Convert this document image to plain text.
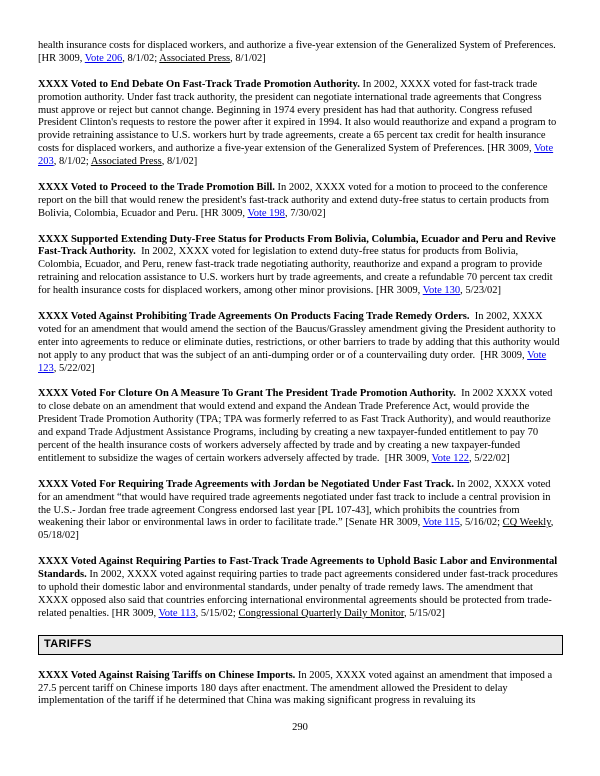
health insurance costs for displaced workers, and authorize a five-year extension of the Generalized System of Preferences. [HR 3009, Vote 206, 8/1/02; Associated Press, 8/1/02]

XXXX Voted to End Debate On Fast-Track Trade Promotion Authority. In 2002, XXXX voted for fast-track trade promotion authority. Under fast track authority, the president can negotiate international trade agreements that Congress must approve or reject but cannot change. Beginning in 1974 every president has had that authority. Congress refused President Clinton's requests to restore the power after it expired in 1994. It also would reauthorize and expand a program to provide retraining assistance to U.S. workers hurt by trade agreements, create a 65 percent tax credit for health insurance costs for displaced workers, and authorize a five-year extension of the Generalized System of Preferences. [HR 3009, Vote 203, 8/1/02; Associated Press, 8/1/02]

XXXX Voted to Proceed to the Trade Promotion Bill. In 2002, XXXX voted for a motion to proceed to the conference report on the bill that would renew the president's fast-track authority and extend duty-free status to certain products from Bolivia, Colombia, Ecuador and Peru. [HR 3009, Vote 198, 7/30/02]

XXXX Supported Extending Duty-Free Status for Products From Bolivia, Columbia, Ecuador and Peru and Revive Fast-Track Authority.  In 2002, XXXX voted for legislation to extend duty-free status for products from Bolivia, Colombia, Ecuador, and Peru, renew fast-track trade negotiating authority, reauthorize and expand a program to provide retraining and relocation assistance to U.S. workers hurt by trade agreements, and create a refundable 70 percent tax credit for health insurance costs for displaced workers, among other minor provisions. [HR 3009, Vote 130, 5/23/02]

XXXX Voted Against Prohibiting Trade Agreements On Products Facing Trade Remedy Orders.  In 2002, XXXX voted for an amendment that would amend the section of the Baucus/Grassley amendment giving the President authority to enter into agreements to reduce or eliminate duties, restrictions, or other barriers to trade by adding that this authority would not apply to any product that was the subject of an anti-dumping order or of a countervailing duty order.  [HR 3009, Vote 123, 5/22/02]

XXXX Voted For Cloture On A Measure To Grant The President Trade Promotion Authority.  In 2002 XXXX voted to close debate on an amendment that would extend and expand the Andean Trade Preference Act, would provide the President Trade Promotion Authority (TPA; TPA was formerly referred to as Fast Track Authority), and would reauthorize and expand Trade Adjustment Assistance Programs, including by creating a new taxpayer-funded entitlement to pay 70 percent of the health insurance costs of workers adversely affected by trade and by creating a new taxpayer-funded entitlement to subsidize the wages of certain workers adversely affected by trade.  [HR 3009, Vote 122, 5/22/02]

XXXX Voted For Requiring Trade Agreements with Jordan be Negotiated Under Fast Track. In 2002, XXXX voted for an amendment “that would have required trade agreements negotiated under fast track to include a central provision in the U.S.- Jordan free trade agreement Congress endorsed last year [PL 107-43], which prohibits the countries from weakening their labor or environmental laws in order to facilitate trade.” [Senate HR 3009, Vote 115, 5/16/02; CQ Weekly, 05/18/02]

XXXX Voted Against Requiring Parties to Fast-Track Trade Agreements to Uphold Basic Labor and Environmental Standards. In 2002, XXXX voted against requiring parties to trade pact agreements considered under fast-track procedures to uphold their domestic labor and environmental standards, under penalty of trade remedy laws. The amendment that XXXX opposed also said that countries enforcing international environmental agreements should be protected from trade-related penalties. [HR 3009, Vote 113, 5/15/02; Congressional Quarterly Daily Monitor, 5/15/02]

TARIFFS

XXXX Voted Against Raising Tariffs on Chinese Imports. In 2005, XXXX voted against an amendment that imposed a 27.5 percent tariff on Chinese imports 180 days after enactment. The amendment allowed the President to delay implementation of the tariff if he determined that China was making significant progress in revaluing its

290
